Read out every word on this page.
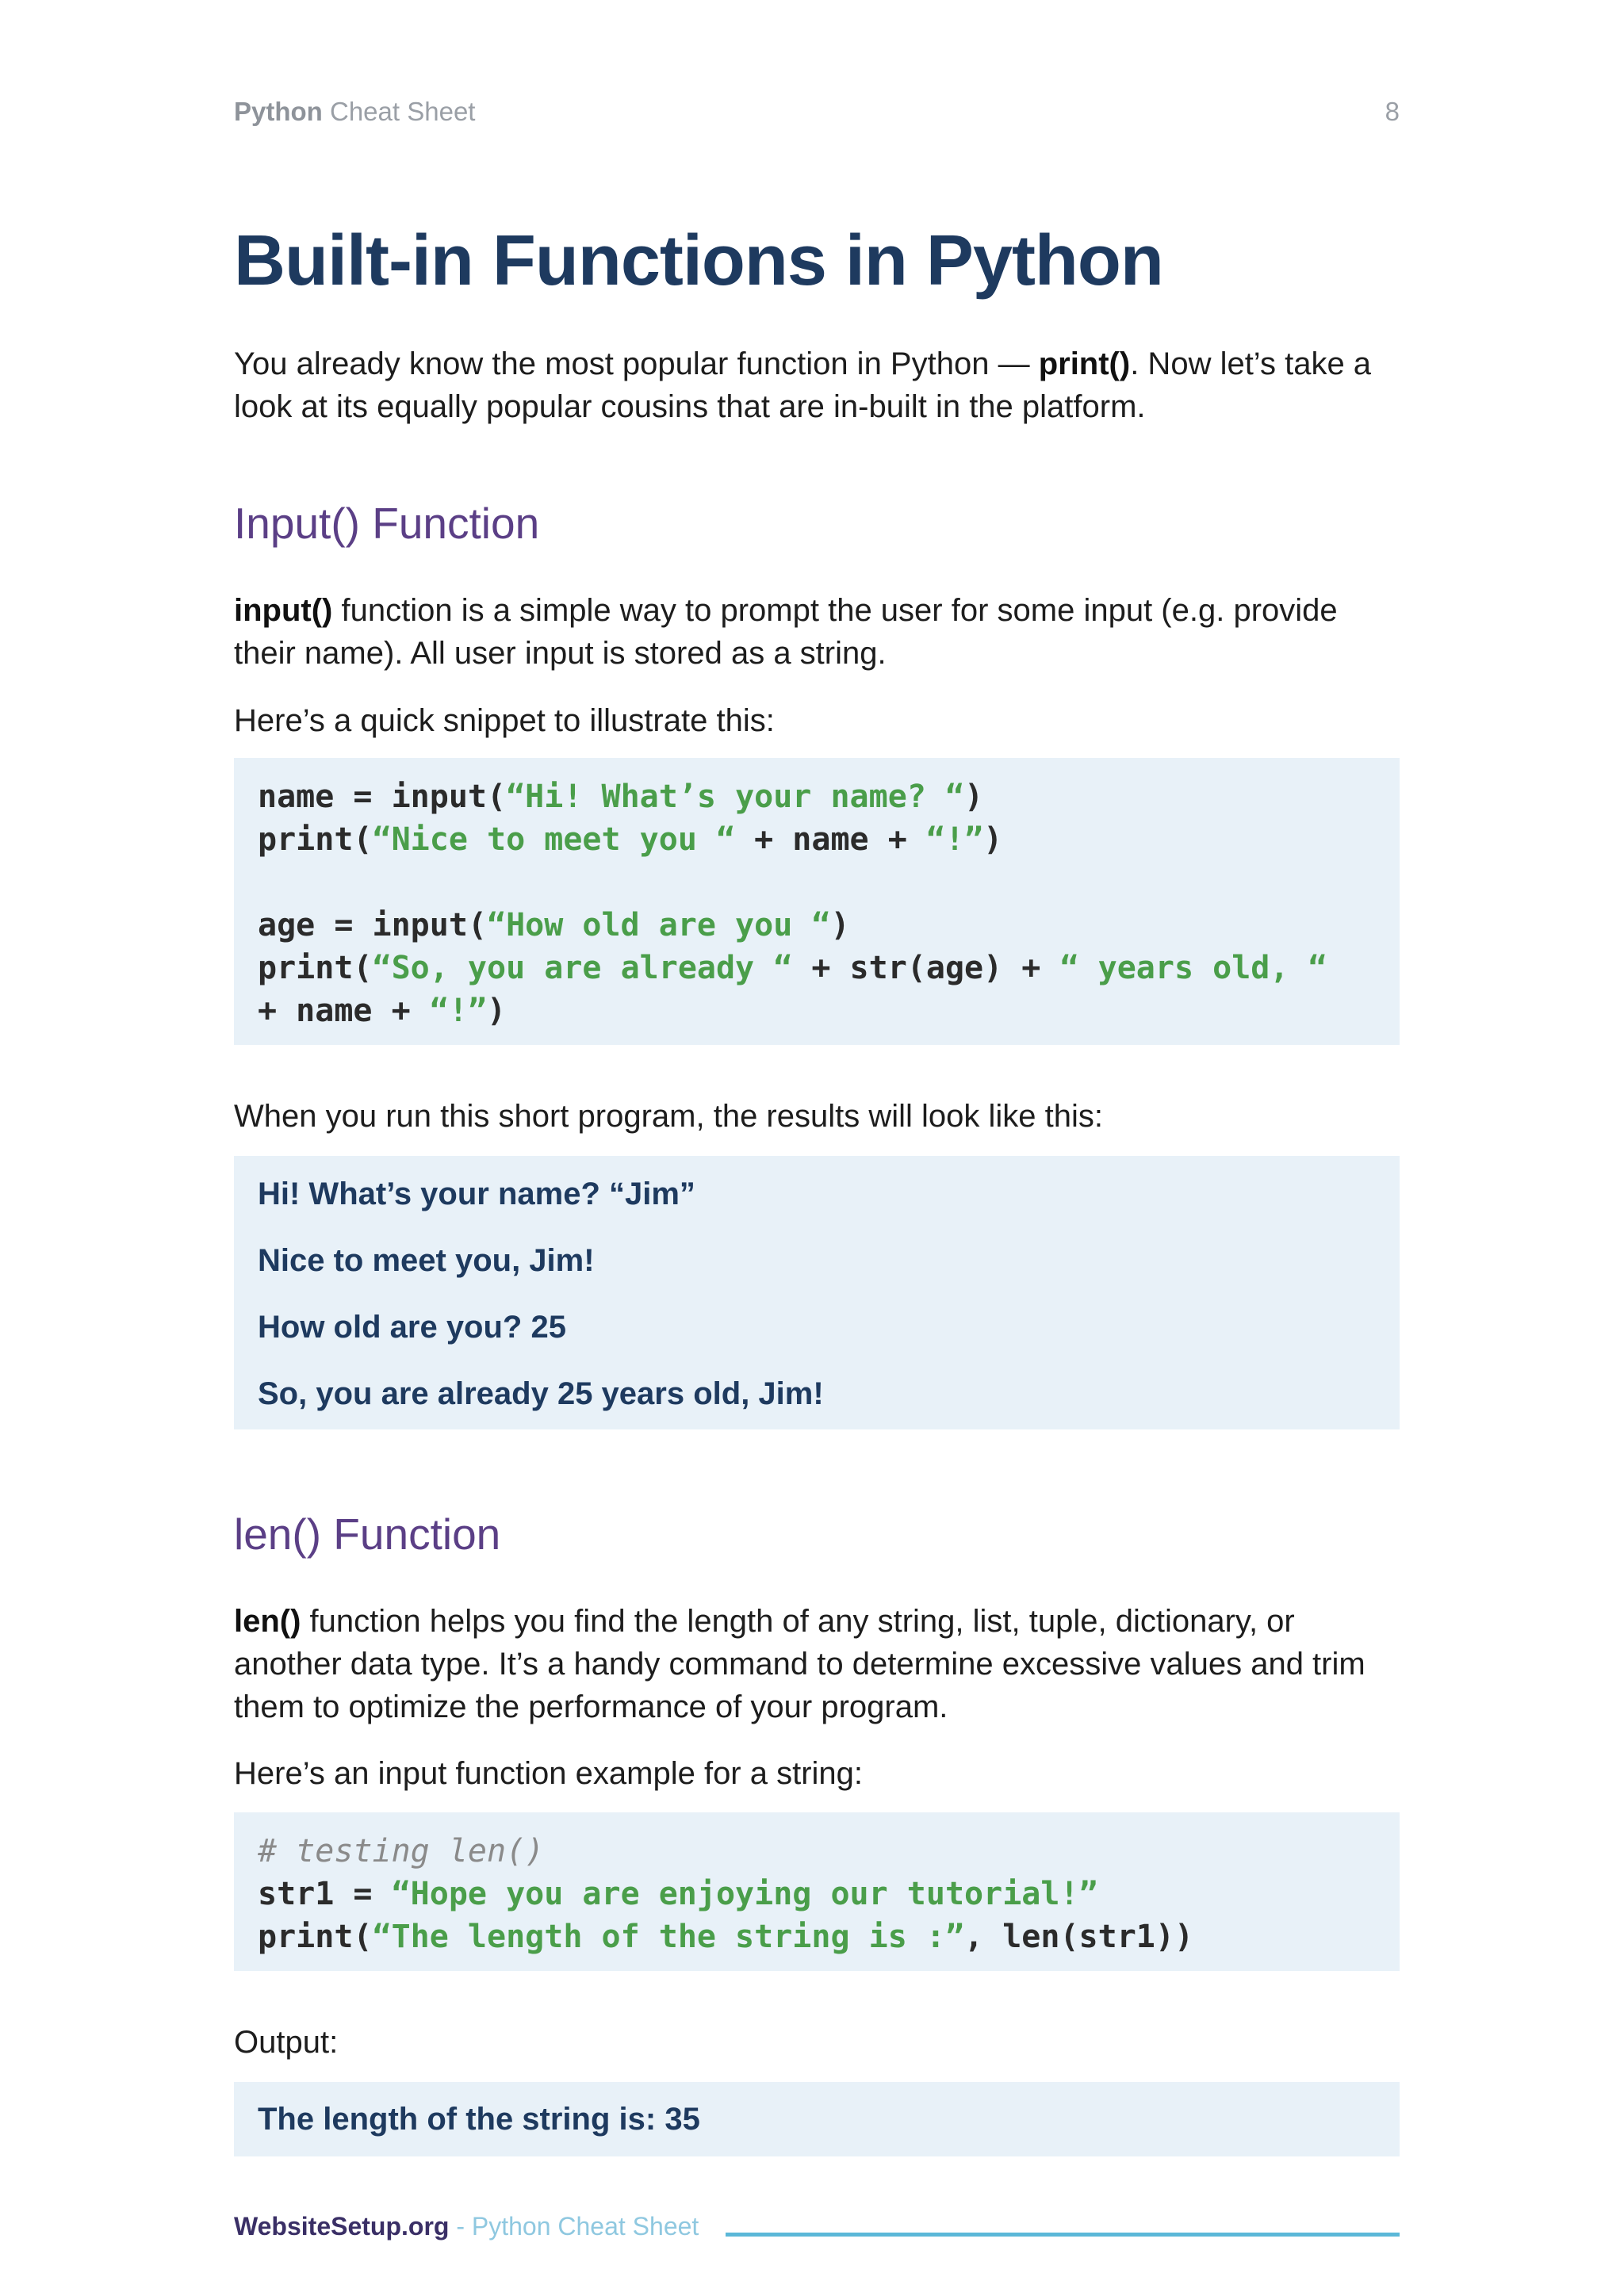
Python Cheat Sheet	8
Built-in Functions in Python

You already know the most popular function in Python — print(). Now let’s take a look at its equally popular cousins that are in-built in the platform.

Input() Function

input() function is a simple way to prompt the user for some input (e.g. provide their name). All user input is stored as a string.

Here’s a quick snippet to illustrate this:

name = input(“Hi! What’s your name? “)
print(“Nice to meet you “ + name + “!”)

age = input(“How old are you “)
print(“So, you are already “ + str(age) + “ years old, “
+ name + “!”)

When you run this short program, the results will look like this:

Hi! What’s your name? “Jim”
Nice to meet you, Jim!
How old are you? 25
So, you are already 25 years old, Jim!
len() Function

len() function helps you find the length of any string, list, tuple, dictionary, or another data type. It’s a handy command to determine excessive values and trim them to optimize the performance of your program.

Here’s an input function example for a string:

# testing len()
str1 = “Hope you are enjoying our tutorial!”
print(“The length of the string is :”, len(str1))

Output:

The length of the string is: 35
WebsiteSetup.org - Python Cheat Sheet
